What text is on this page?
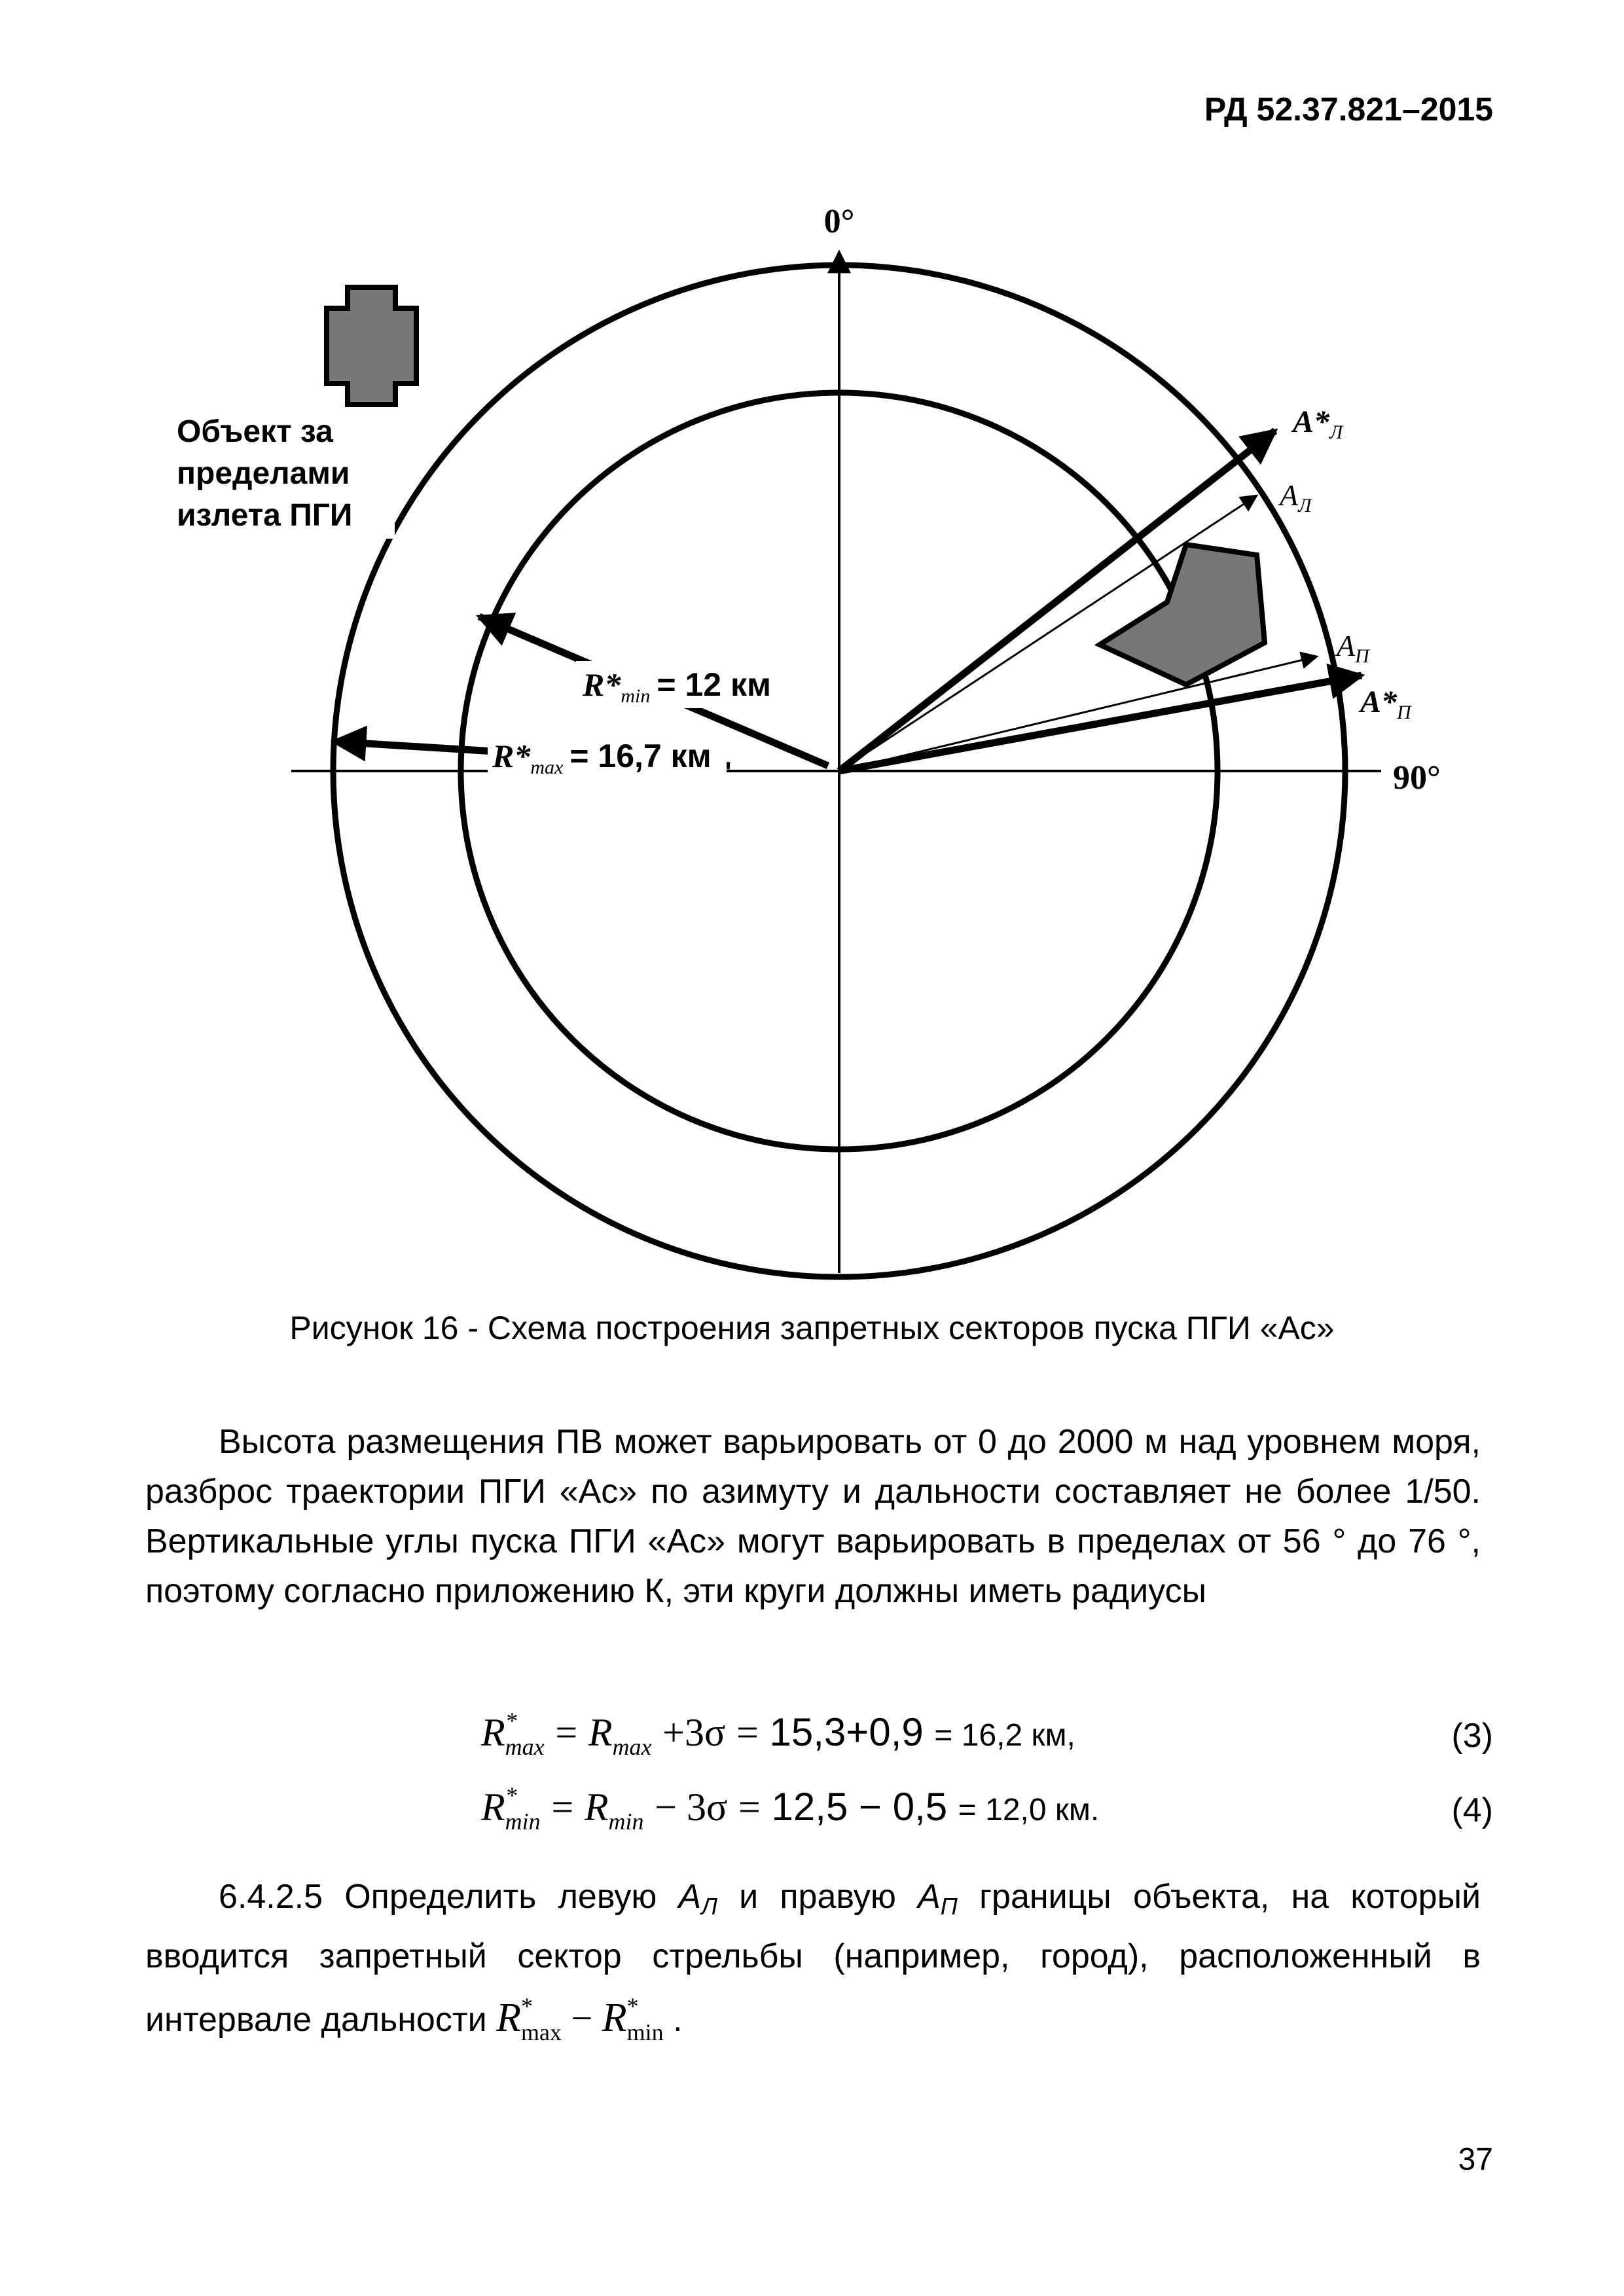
РД 52.37.821–2015
0°
90°
Объект за
пределами
излета ПГИ
$R*_{min} = 12$ км
$R*_{max} = 16,7$ км
$A*_Л$
$A_Л$
$A_П$
$A*_П$
Рисунок 16 - Схема построения запретных секторов пуска ПГИ «Ас»
Высота размещения ПВ может варьировать от 0 до 2000 м над уровнем моря, разброс траектории ПГИ «Ас» по азимуту и дальности составляет не более 1/50. Вертикальные углы пуска ПГИ «Ас» могут варьировать в пределах от 56 ° до 76 °, поэтому согласно приложению К, эти круги должны иметь радиусы
$R^*_{max} = R_{max} +3\sigma = 15,3+0,9 = 16,2$ км,	(3)
$R^*_{min} = R_{min} - 3\sigma = 12,5 - 0,5 = 12,0$ км.	(4)
6.4.2.5 Определить левую АЛ и правую АП границы объекта, на который вводится запретный сектор стрельбы (например, город), расположенный в интервале дальности $R^*_{max} - R^*_{min}$ .
37
